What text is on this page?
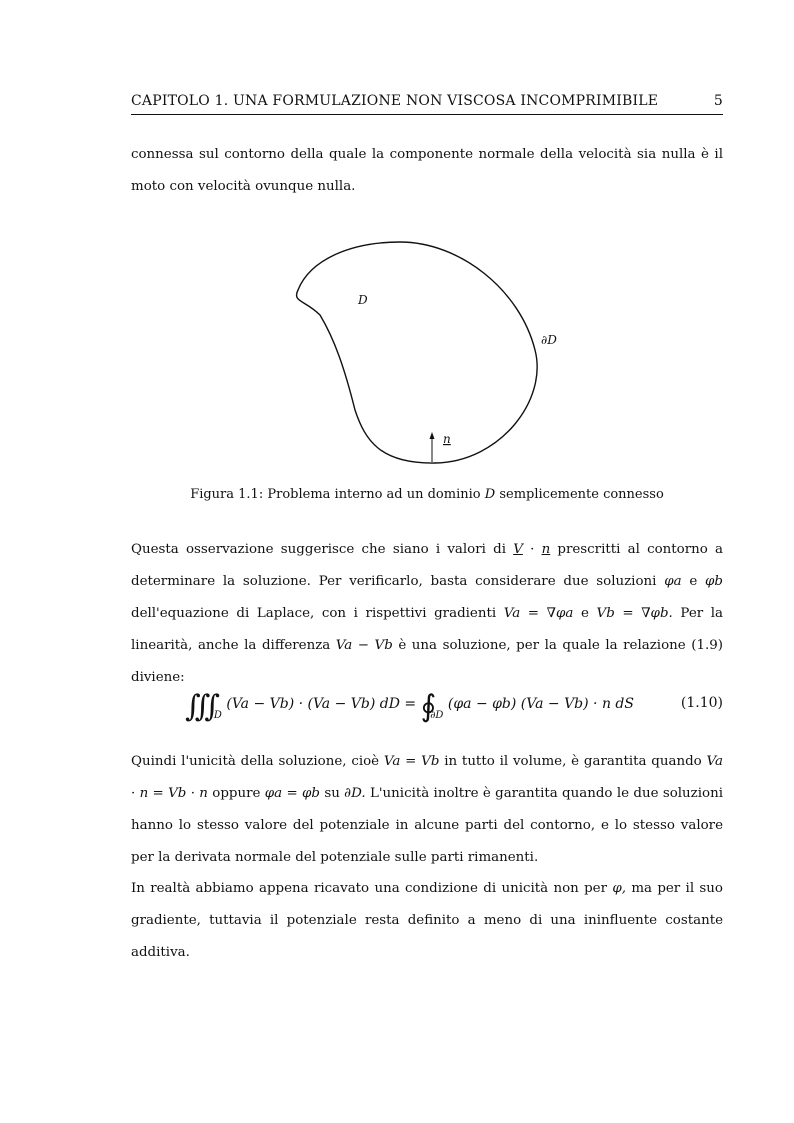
CAPITOLO 1. UNA FORMULAZIONE NON VISCOSA INCOMPRIMIBILE	5
connessa sul contorno della quale la componente normale della velocità sia nulla è il moto con velocità ovunque nulla.
D
∂D
n
Figura 1.1: Problema interno ad un dominio D semplicemente connesso
Questa osservazione suggerisce che siano i valori di V · n prescritti al contorno a determinare la soluzione. Per verificarlo, basta considerare due soluzioni φa e φb dell'equazione di Laplace, con i rispettivi gradienti Va = ∇φa e Vb = ∇φb. Per la linearità, anche la differenza Va − Vb è una soluzione, per la quale la relazione (1.9) diviene:
$\int\int\int_D$ (Va − Vb) · (Va − Vb) dD = $∮_{\partial D}$ (φa − φb) (Va − Vb) · n dS	(1.10)
Quindi l'unicità della soluzione, cioè Va = Vb in tutto il volume, è garantita quando Va · n = Vb · n oppure φa = φb su ∂D. L'unicità inoltre è garantita quando le due soluzioni hanno lo stesso valore del potenziale in alcune parti del contorno, e lo stesso valore per la derivata normale del potenziale sulle parti rimanenti.
In realtà abbiamo appena ricavato una condizione di unicità non per φ, ma per il suo gradiente, tuttavia il potenziale resta definito a meno di una ininfluente costante additiva.
